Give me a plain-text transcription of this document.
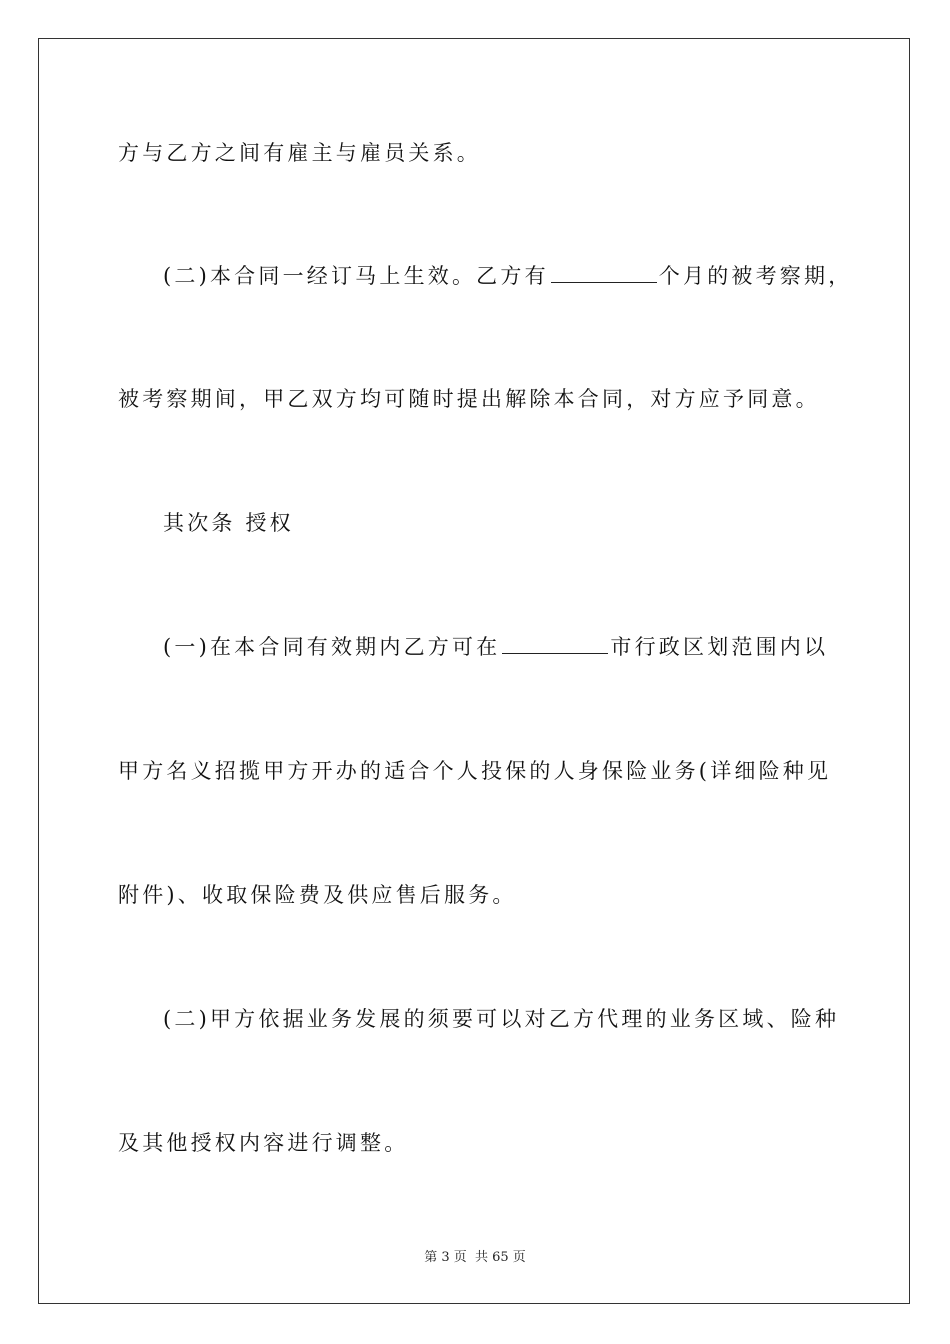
方与乙方之间有雇主与雇员关系。
(二)本合同一经订马上生效。乙方有	个月的被考察期，
被考察期间，甲乙双方均可随时提出解除本合同，对方应予同意。
其次条 授权
(一)在本合同有效期内乙方可在	市行政区划范围内以
甲方名义招揽甲方开办的适合个人投保的人身保险业务(详细险种见
附件)、收取保险费及供应售后服务。
(二)甲方依据业务发展的须要可以对乙方代理的业务区域、险种
及其他授权内容进行调整。
第 3 页 共 65 页
